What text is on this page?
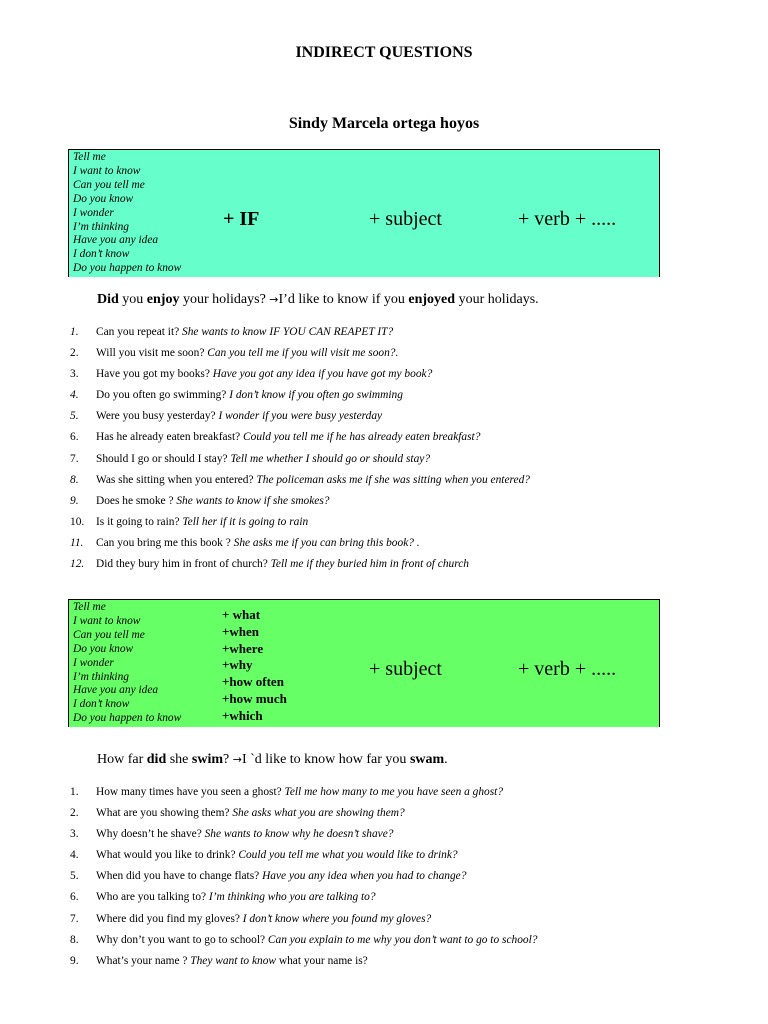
INDIRECT QUESTIONS
Sindy Marcela ortega hoyos
Tell me
I want to know
Can you tell me
Do you know
I wonder
I’m thinking
Have you any idea
I don’t know
Do you happen to know
+ IF	+ subject	+ verb + .....
Did you enjoy your holidays? →I’d like to know if you enjoyed your holidays.
1.	Can you repeat it? She wants to know IF YOU CAN REAPET IT?
2.	Will you visit me soon? Can you tell me if you will visit me soon?.
3.	Have you got my books? Have you got any idea if you have got my book?
4.	Do you often go swimming? I don’t know if you often go swimming
5.	Were you busy yesterday? I wonder if you were busy yesterday
6.	Has he already eaten breakfast? Could you tell me if he has already eaten breakfast?
7.	Should I go or should I stay? Tell me whether I should go or should stay?
8.	Was she sitting when you entered? The policeman asks me if she was sitting when you entered?
9.	Does he smoke ? She wants to know if she smokes?
10.	Is it going to rain? Tell her if it is going to rain
11.	Can you bring me this book ? She asks me if you can bring this book? .
12.	Did they bury him in front of church? Tell me if they buried him in front of church
Tell me
I want to know
Can you tell me
Do you know
I wonder
I’m thinking
Have you any idea
I don’t know
Do you happen to know
+ what
+when
+where
+why
+how often
+how much
+which
+ subject	+ verb + .....
How far did she swim? →I `d like to know how far you swam.
1.	How many times have you seen a ghost? Tell me how many to me you have seen a ghost?
2.	What are you showing them? She asks what you are showing them?
3.	Why doesn’t he shave? She wants to know why he doesn’t shave?
4.	What would you like to drink? Could you tell me what you would like to drink?
5.	When did you have to change flats? Have you any idea when you had to change?
6.	Who are you talking to? I’m thinking who you are talking to?
7.	Where did you find my gloves? I don’t know where you found my gloves?
8.	Why don’t you want to go to school? Can you explain to me why you don’t want to go to school?
9.	What’s your name ? They want to know what your name is?
